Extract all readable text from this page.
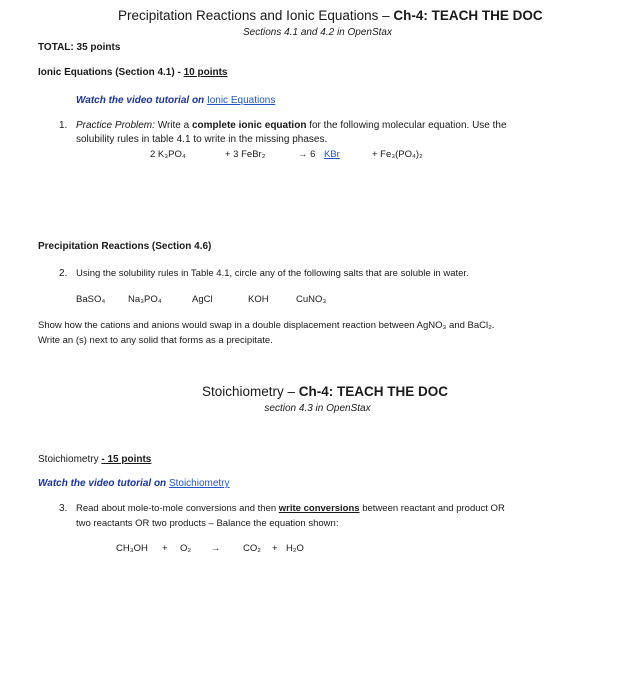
Precipitation Reactions and Ionic Equations – Ch-4: TEACH THE DOC
Sections 4.1 and 4.2 in OpenStax
TOTAL: 35 points
Ionic Equations (Section 4.1) - 10 points
Watch the video tutorial on Ionic Equations
1. Practice Problem: Write a complete ionic equation for the following molecular equation. Use the
solubility rules in table 4.1 to write in the missing phases.
2 K₃PO₄	+ 3 FeBr₂	→ 6 KBr	+ Fe₃(PO₄)₂
Precipitation Reactions (Section 4.6)
2. Using the solubility rules in Table 4.1, circle any of the following salts that are soluble in water.
BaSO₄ Na₃PO₄	AgCl	KOH	CuNO₃
Show how the cations and anions would swap in a double displacement reaction between AgNO₃ and BaCl₂.
Write an (s) next to any solid that forms as a precipitate.
Stoichiometry – Ch-4: TEACH THE DOC
section 4.3 in OpenStax
Stoichiometry - 15 points
Watch the video tutorial on Stoichiometry
3. Read about mole-to-mole conversions and then write conversions between reactant and product OR
two reactants OR two products – Balance the equation shown:
CH₃OH + O₂ → CO₂ + H₂O
